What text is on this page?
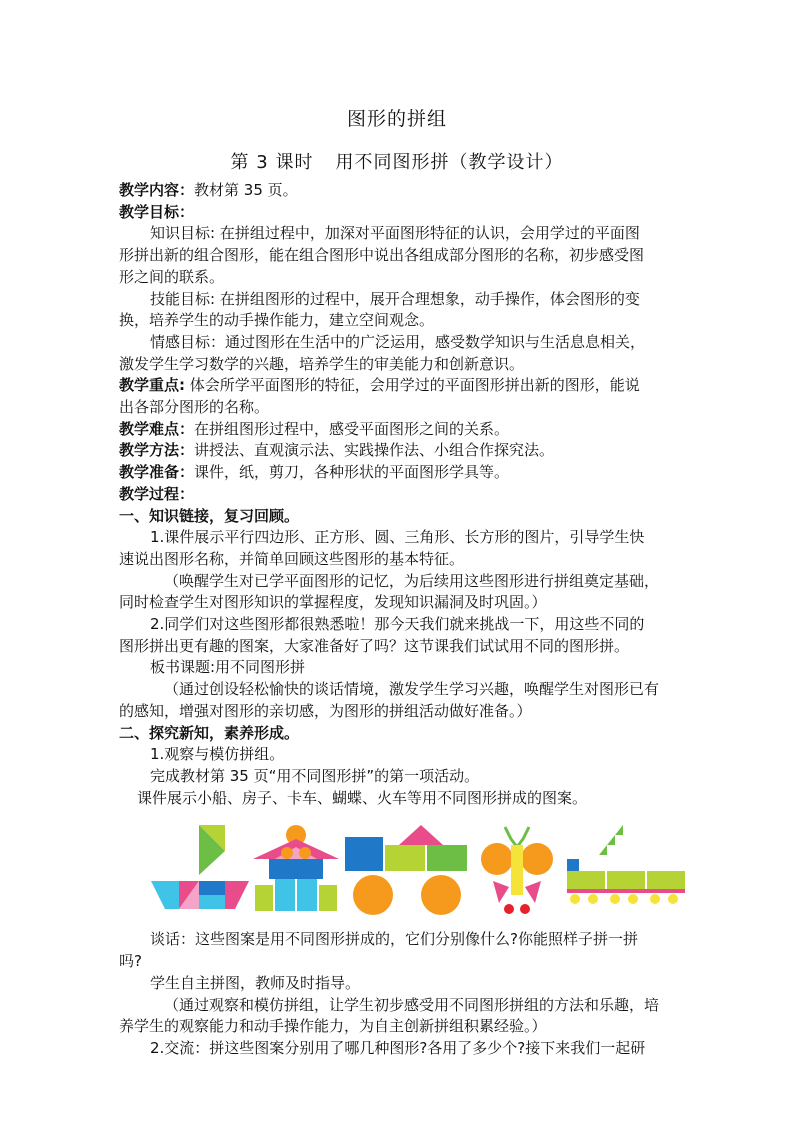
图形的拼组
第 3 课时 用不同图形拼（教学设计）
教学内容：教材第 35 页。
教学目标：
知识目标: 在拼组过程中，加深对平面图形特征的认识，会用学过的平面图
形拼出新的组合图形，能在组合图形中说出各组成部分图形的名称，初步感受图
形之间的联系。
技能目标: 在拼组图形的过程中，展开合理想象，动手操作，体会图形的变
换，培养学生的动手操作能力，建立空间观念。
情感目标：通过图形在生活中的广泛运用，感受数学知识与生活息息相关，
激发学生学习数学的兴趣，培养学生的审美能力和创新意识。
教学重点: 体会所学平面图形的特征，会用学过的平面图形拼出新的图形，能说
出各部分图形的名称。
教学难点：在拼组图形过程中，感受平面图形之间的关系。
教学方法：讲授法、直观演示法、实践操作法、小组合作探究法。
教学准备：课件，纸，剪刀，各种形状的平面图形学具等。
教学过程：
一、知识链接，复习回顾。
1.课件展示平行四边形、正方形、圆、三角形、长方形的图片，引导学生快
速说出图形名称，并简单回顾这些图形的基本特征。
（唤醒学生对已学平面图形的记忆，为后续用这些图形进行拼组奠定基础，
同时检查学生对图形知识的掌握程度，发现知识漏洞及时巩固。）
2.同学们对这些图形都很熟悉啦！那今天我们就来挑战一下，用这些不同的
图形拼出更有趣的图案，大家准备好了吗？这节课我们试试用不同的图形拼。
板书课题:用不同图形拼
（通过创设轻松愉快的谈话情境，激发学生学习兴趣，唤醒学生对图形已有
的感知，增强对图形的亲切感，为图形的拼组活动做好准备。）
二、探究新知，素养形成。
1.观察与模仿拼组。
完成教材第 35 页“用不同图形拼”的第一项活动。
课件展示小船、房子、卡车、蝴蝶、火车等用不同图形拼成的图案。
谈话：这些图案是用不同图形拼成的，它们分别像什么?你能照样子拼一拼
吗?
学生自主拼图，教师及时指导。
（通过观察和模仿拼组，让学生初步感受用不同图形拼组的方法和乐趣，培
养学生的观察能力和动手操作能力，为自主创新拼组积累经验。）
2.交流：拼这些图案分别用了哪几种图形?各用了多少个?接下来我们一起研
